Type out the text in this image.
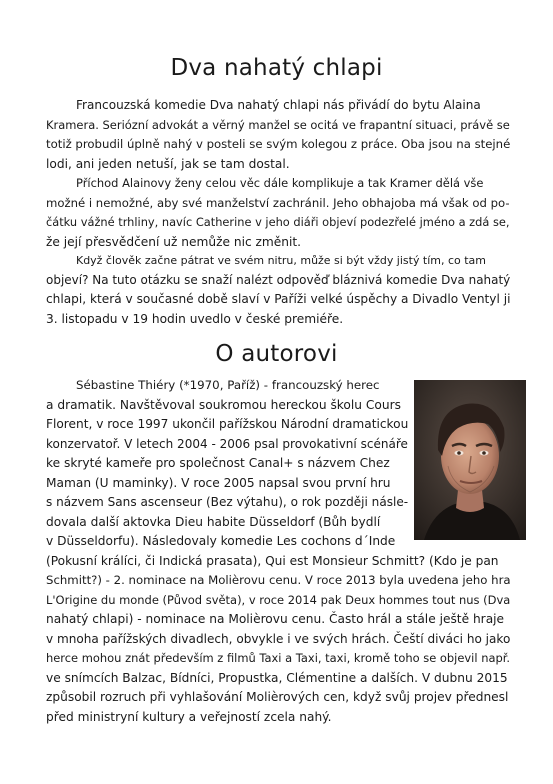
Dva nahatý chlapi
Francouzská komedie Dva nahatý chlapi nás přivádí do bytu Alaina
Kramera. Seriózní advokát a věrný manžel se ocitá ve frapantní situaci, právě se
totiž probudil úplně nahý v posteli se svým kolegou z práce. Oba jsou na stejné
lodi, ani jeden netuší, jak se tam dostal.
Příchod Alainovy ženy celou věc dále komplikuje a tak Kramer dělá vše
možné i nemožné, aby své manželství zachránil. Jeho obhajoba má však od po-
čátku vážné trhliny, navíc Catherine v jeho diáři objeví podezřelé jméno a zdá se,
že její přesvědčení už nemůže nic změnit.
Když člověk začne pátrat ve svém nitru, může si být vždy jistý tím, co tam
objeví? Na tuto otázku se snaží nalézt odpověď bláznivá komedie Dva nahatý
chlapi, která v současné době slaví v Paříži velké úspěchy a Divadlo Ventyl ji
3. listopadu v 19 hodin uvedlo v české premiéře.
O autorovi
Sébastine Thiéry (*1970, Paříž) - francouzský herec
a dramatik. Navštěvoval soukromou hereckou školu Cours
Florent, v roce 1997 ukončil pařížskou Národní dramatickou
konzervatoř. V letech 2004 - 2006 psal provokativní scénáře
ke skryté kameře pro společnost Canal+ s názvem Chez
Maman (U maminky). V roce 2005 napsal svou první hru
s názvem Sans ascenseur (Bez výtahu), o rok později násle-
dovala další aktovka Dieu habite Düsseldorf (Bůh bydlí
v Düsseldorfu). Následovaly komedie Les cochons d´Inde
(Pokusní králíci, či Indická prasata), Qui est Monsieur Schmitt? (Kdo je pan
Schmitt?) - 2. nominace na Molièrovu cenu. V roce 2013 byla uvedena jeho hra
L'Origine du monde (Původ světa), v roce 2014 pak Deux hommes tout nus (Dva
nahatý chlapi) - nominace na Molièrovu cenu. Často hrál a stále ještě hraje
v mnoha pařížských divadlech, obvykle i ve svých hrách. Čeští diváci ho jako
herce mohou znát především z filmů Taxi a Taxi, taxi, kromě toho se objevil např.
ve snímcích Balzac, Bídníci, Propustka, Clémentine a dalších. V dubnu 2015
způsobil rozruch při vyhlašování Molièrových cen, když svůj projev přednesl
před ministryní kultury a veřejností zcela nahý.
